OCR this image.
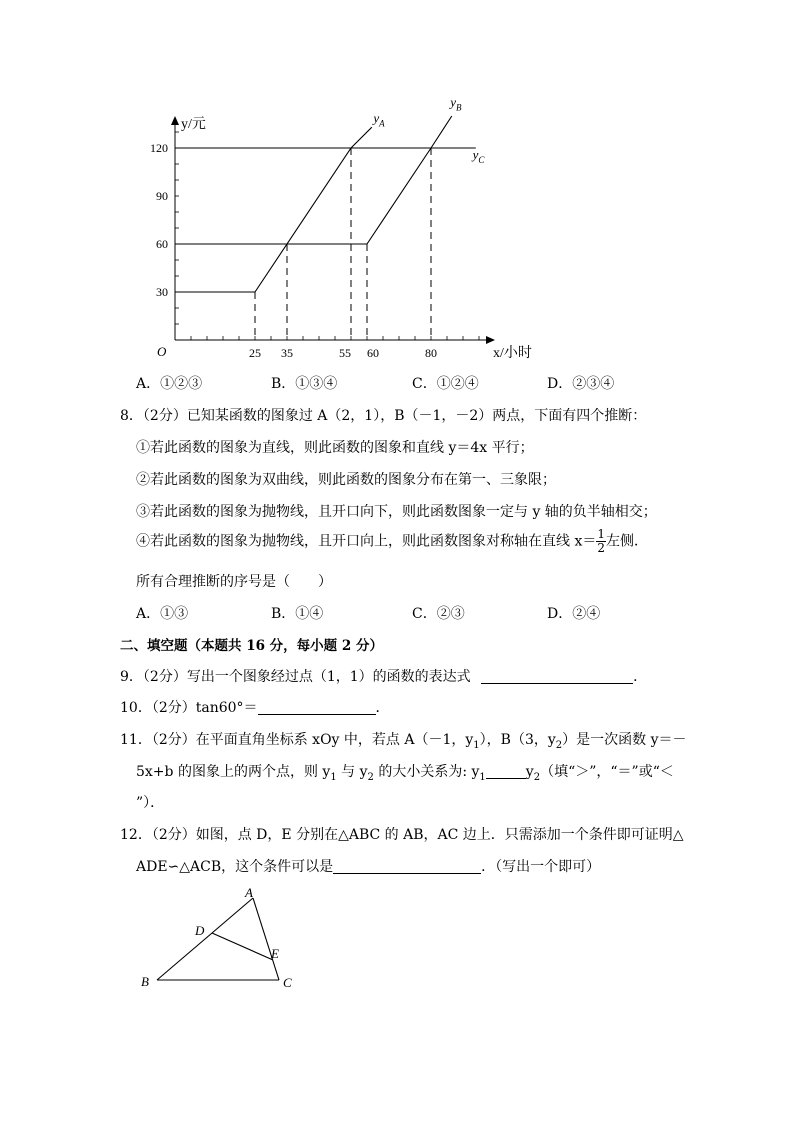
25 35	55 60	80
30
60
90
120
O
y/元
x/小时
$y_A$
$y_B$
$y_C$
A．①②③	B．①③④	C．①②④	D．②③④
8．（2分）已知某函数的图象过 A（2，1），B（－1，－2）两点，下面有四个推断：
①若此函数的图象为直线，则此函数的图象和直线 y＝4x 平行；
②若此函数的图象为双曲线，则此函数的图象分布在第一、三象限；
③若此函数的图象为抛物线，且开口向下，则此函数图象一定与 y 轴的负半轴相交；
④若此函数的图象为抛物线，且开口向上，则此函数图象对称轴在直线 $x= \frac{1}{2}$ 左侧．
所有合理推断的序号是（　　）
A．①③	B．①④	C．②③	D．②④
二、填空题（本题共 16 分，每小题 2 分）
9．（2分）写出一个图象经过点（1，1）的函数的表达式	．
10．（2分）tan60°＝	．
11．（2分）在平面直角坐标系 xOy 中，若点 A（－1，$y_1$），B（3，$y_2$）是一次函数 y＝－
5x+b 的图象上的两个点，则 $y_1$ 与 $y_2$ 的大小关系为: $y_1$	$y_2$（填“＞”，“＝”或“＜
”）．
12．（2分）如图，点 D，E 分别在△ABC 的 AB，AC 边上．只需添加一个条件即可证明△
ADE∽△ACB，这个条件可以是	．（写出一个即可）
A
B	C
D
E
